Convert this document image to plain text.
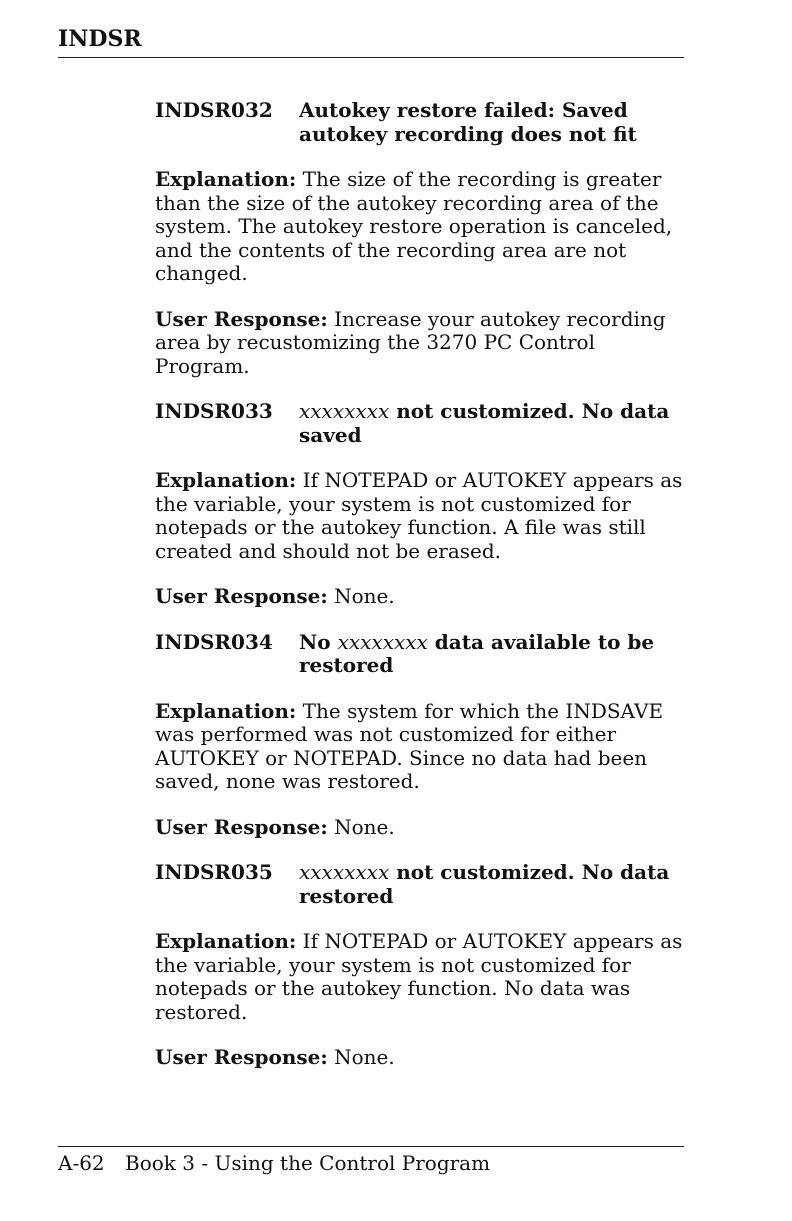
INDSR
INDSR032	Autokey restore failed: Saved autokey recording does not fit
Explanation: The size of the recording is greater than the size of the autokey recording area of the system. The autokey restore operation is canceled, and the contents of the recording area are not changed.
User Response: Increase your autokey recording area by recustomizing the 3270 PC Control Program.
INDSR033	xxxxxxxx not customized. No data saved
Explanation: If NOTEPAD or AUTOKEY appears as the variable, your system is not customized for notepads or the autokey function. A file was still created and should not be erased.
User Response: None.
INDSR034	No xxxxxxxx data available to be restored
Explanation: The system for which the INDSAVE was performed was not customized for either AUTOKEY or NOTEPAD. Since no data had been saved, none was restored.
User Response: None.
INDSR035	xxxxxxxx not customized. No data restored
Explanation: If NOTEPAD or AUTOKEY appears as the variable, your system is not customized for notepads or the autokey function. No data was restored.
User Response: None.
A-62 Book 3 - Using the Control Program
